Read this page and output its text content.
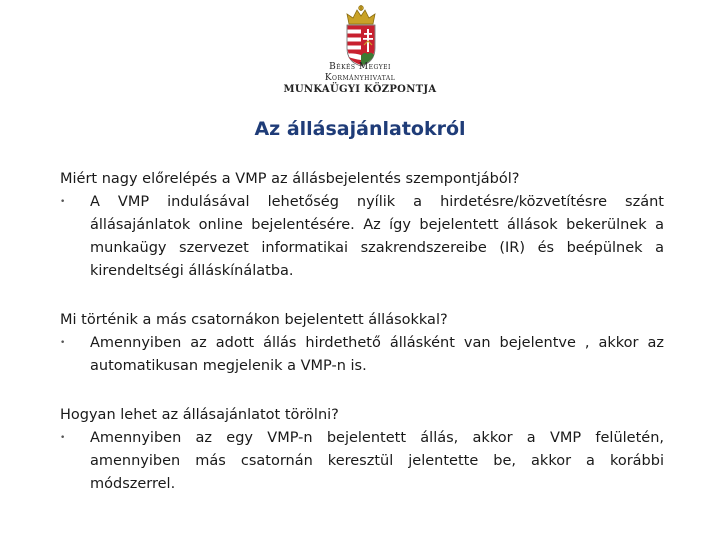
Békés Megyei
Kormányhivatal
MUNKAÜGYI KÖZPONTJA
Az állásajánlatokról
Miért nagy előrelépés a VMP az állásbejelentés szempontjából?
• A VMP indulásával lehetőség nyílik a hirdetésre/közvetítésre szánt állásajánlatok online bejelentésére. Az így bejelentett állások bekerülnek a munkaügy szervezet informatikai szakrendszereibe (IR) és beépülnek a kirendeltségi álláskínálatba.
Mi történik a más csatornákon bejelentett állásokkal?
• Amennyiben az adott állás hirdethető állásként van bejelentve , akkor az automatikusan megjelenik a VMP-n is.
Hogyan lehet az állásajánlatot törölni?
• Amennyiben az egy VMP-n bejelentett állás, akkor a VMP felületén, amennyiben más csatornán keresztül jelentette be, akkor a korábbi módszerrel.
